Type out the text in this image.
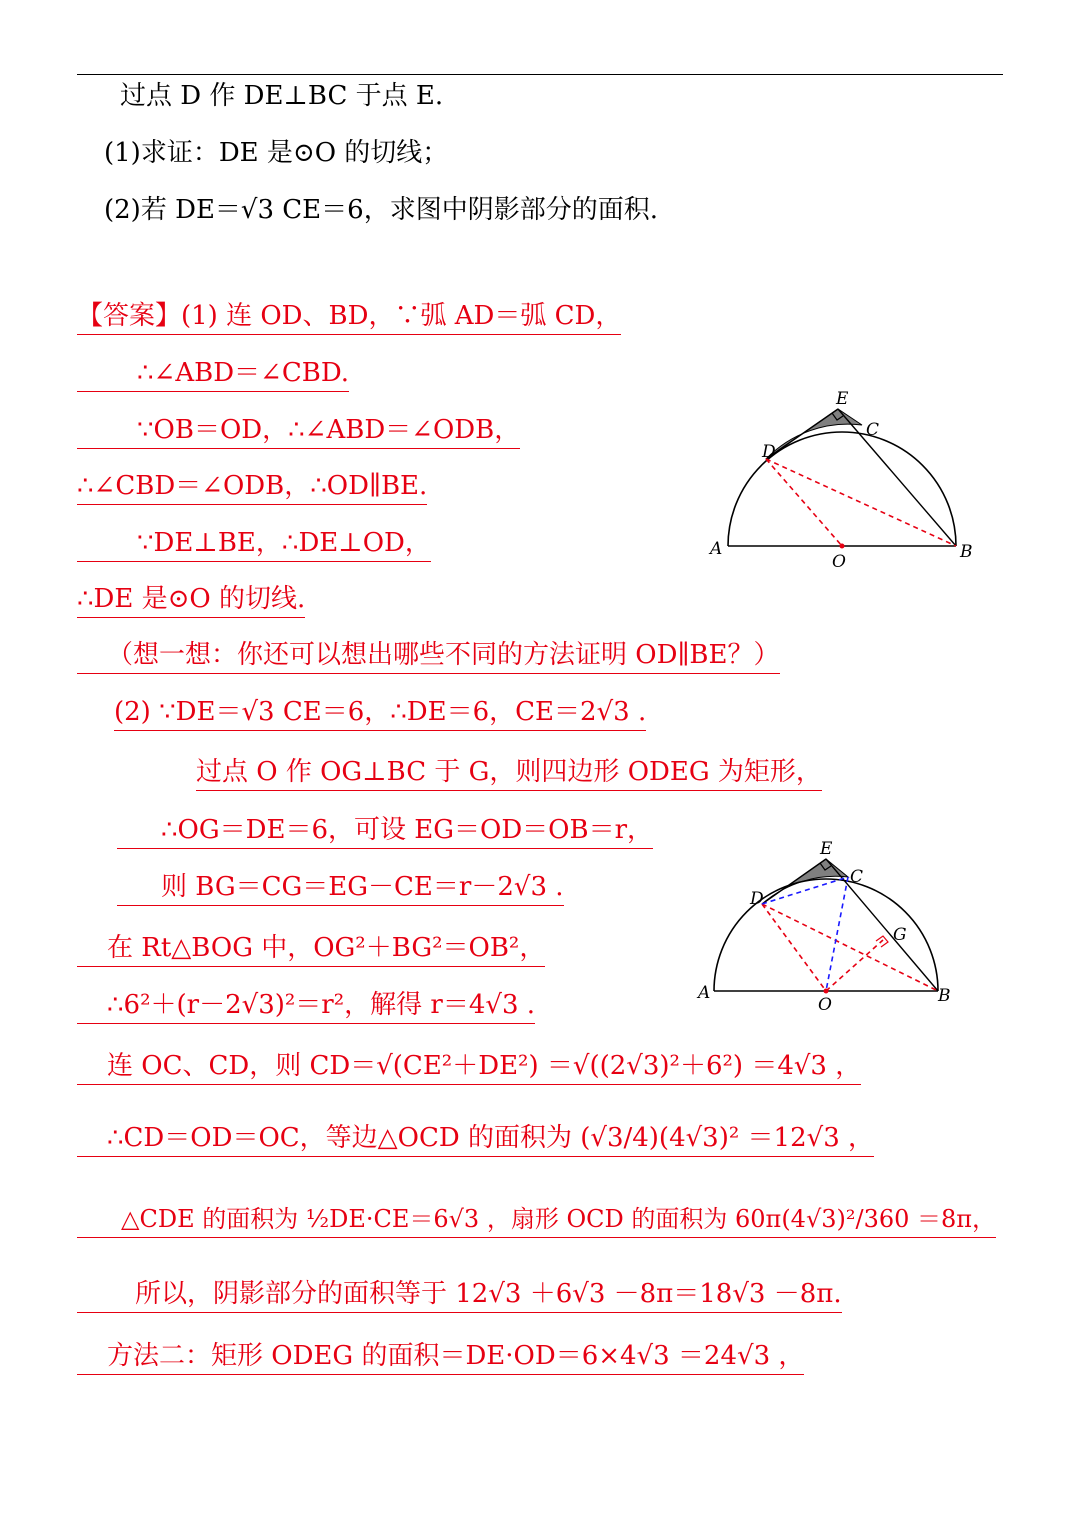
过点 D 作 DE⊥BC 于点 E.
(1)求证：DE 是⊙O 的切线；
(2)若 DE＝√3 CE＝6，求图中阴影部分的面积.
【答案】(1) 连 OD、BD，∵弧 AD＝弧 CD，
∴∠ABD＝∠CBD.
∵OB＝OD，∴∠ABD＝∠ODB，
∴∠CBD＝∠ODB，∴OD∥BE.
∵DE⊥BE，∴DE⊥OD，
∴DE 是⊙O 的切线.
（想一想：你还可以想出哪些不同的方法证明 OD∥BE？）
(2) ∵DE＝√3 CE＝6，∴DE＝6，CE＝2√3 .
过点 O 作 OG⊥BC 于 G，则四边形 ODEG 为矩形，
∴OG＝DE＝6，可设 EG＝OD＝OB＝r，
则 BG＝CG＝EG－CE＝r－2√3 .
在 Rt△BOG 中，OG²＋BG²＝OB²，
∴6²＋(r－2√3)²＝r²，解得 r＝4√3 .
连 OC、CD，则 CD＝√(CE²＋DE²) ＝√((2√3)²＋6²) ＝4√3 ，
∴CD＝OD＝OC，等边△OCD 的面积为 (√3/4)(4√3)² ＝12√3 ，
△CDE 的面积为 ½DE·CE＝6√3 ，扇形 OCD 的面积为 60π(4√3)²/360 ＝8π，
所以，阴影部分的面积等于 12√3 ＋6√3 －8π＝18√3 －8π.
方法二：矩形 ODEG 的面积＝DE·OD＝6×4√3 ＝24√3 ，
A	B
C
D
E
O
A	B
C
D
E
O
G
